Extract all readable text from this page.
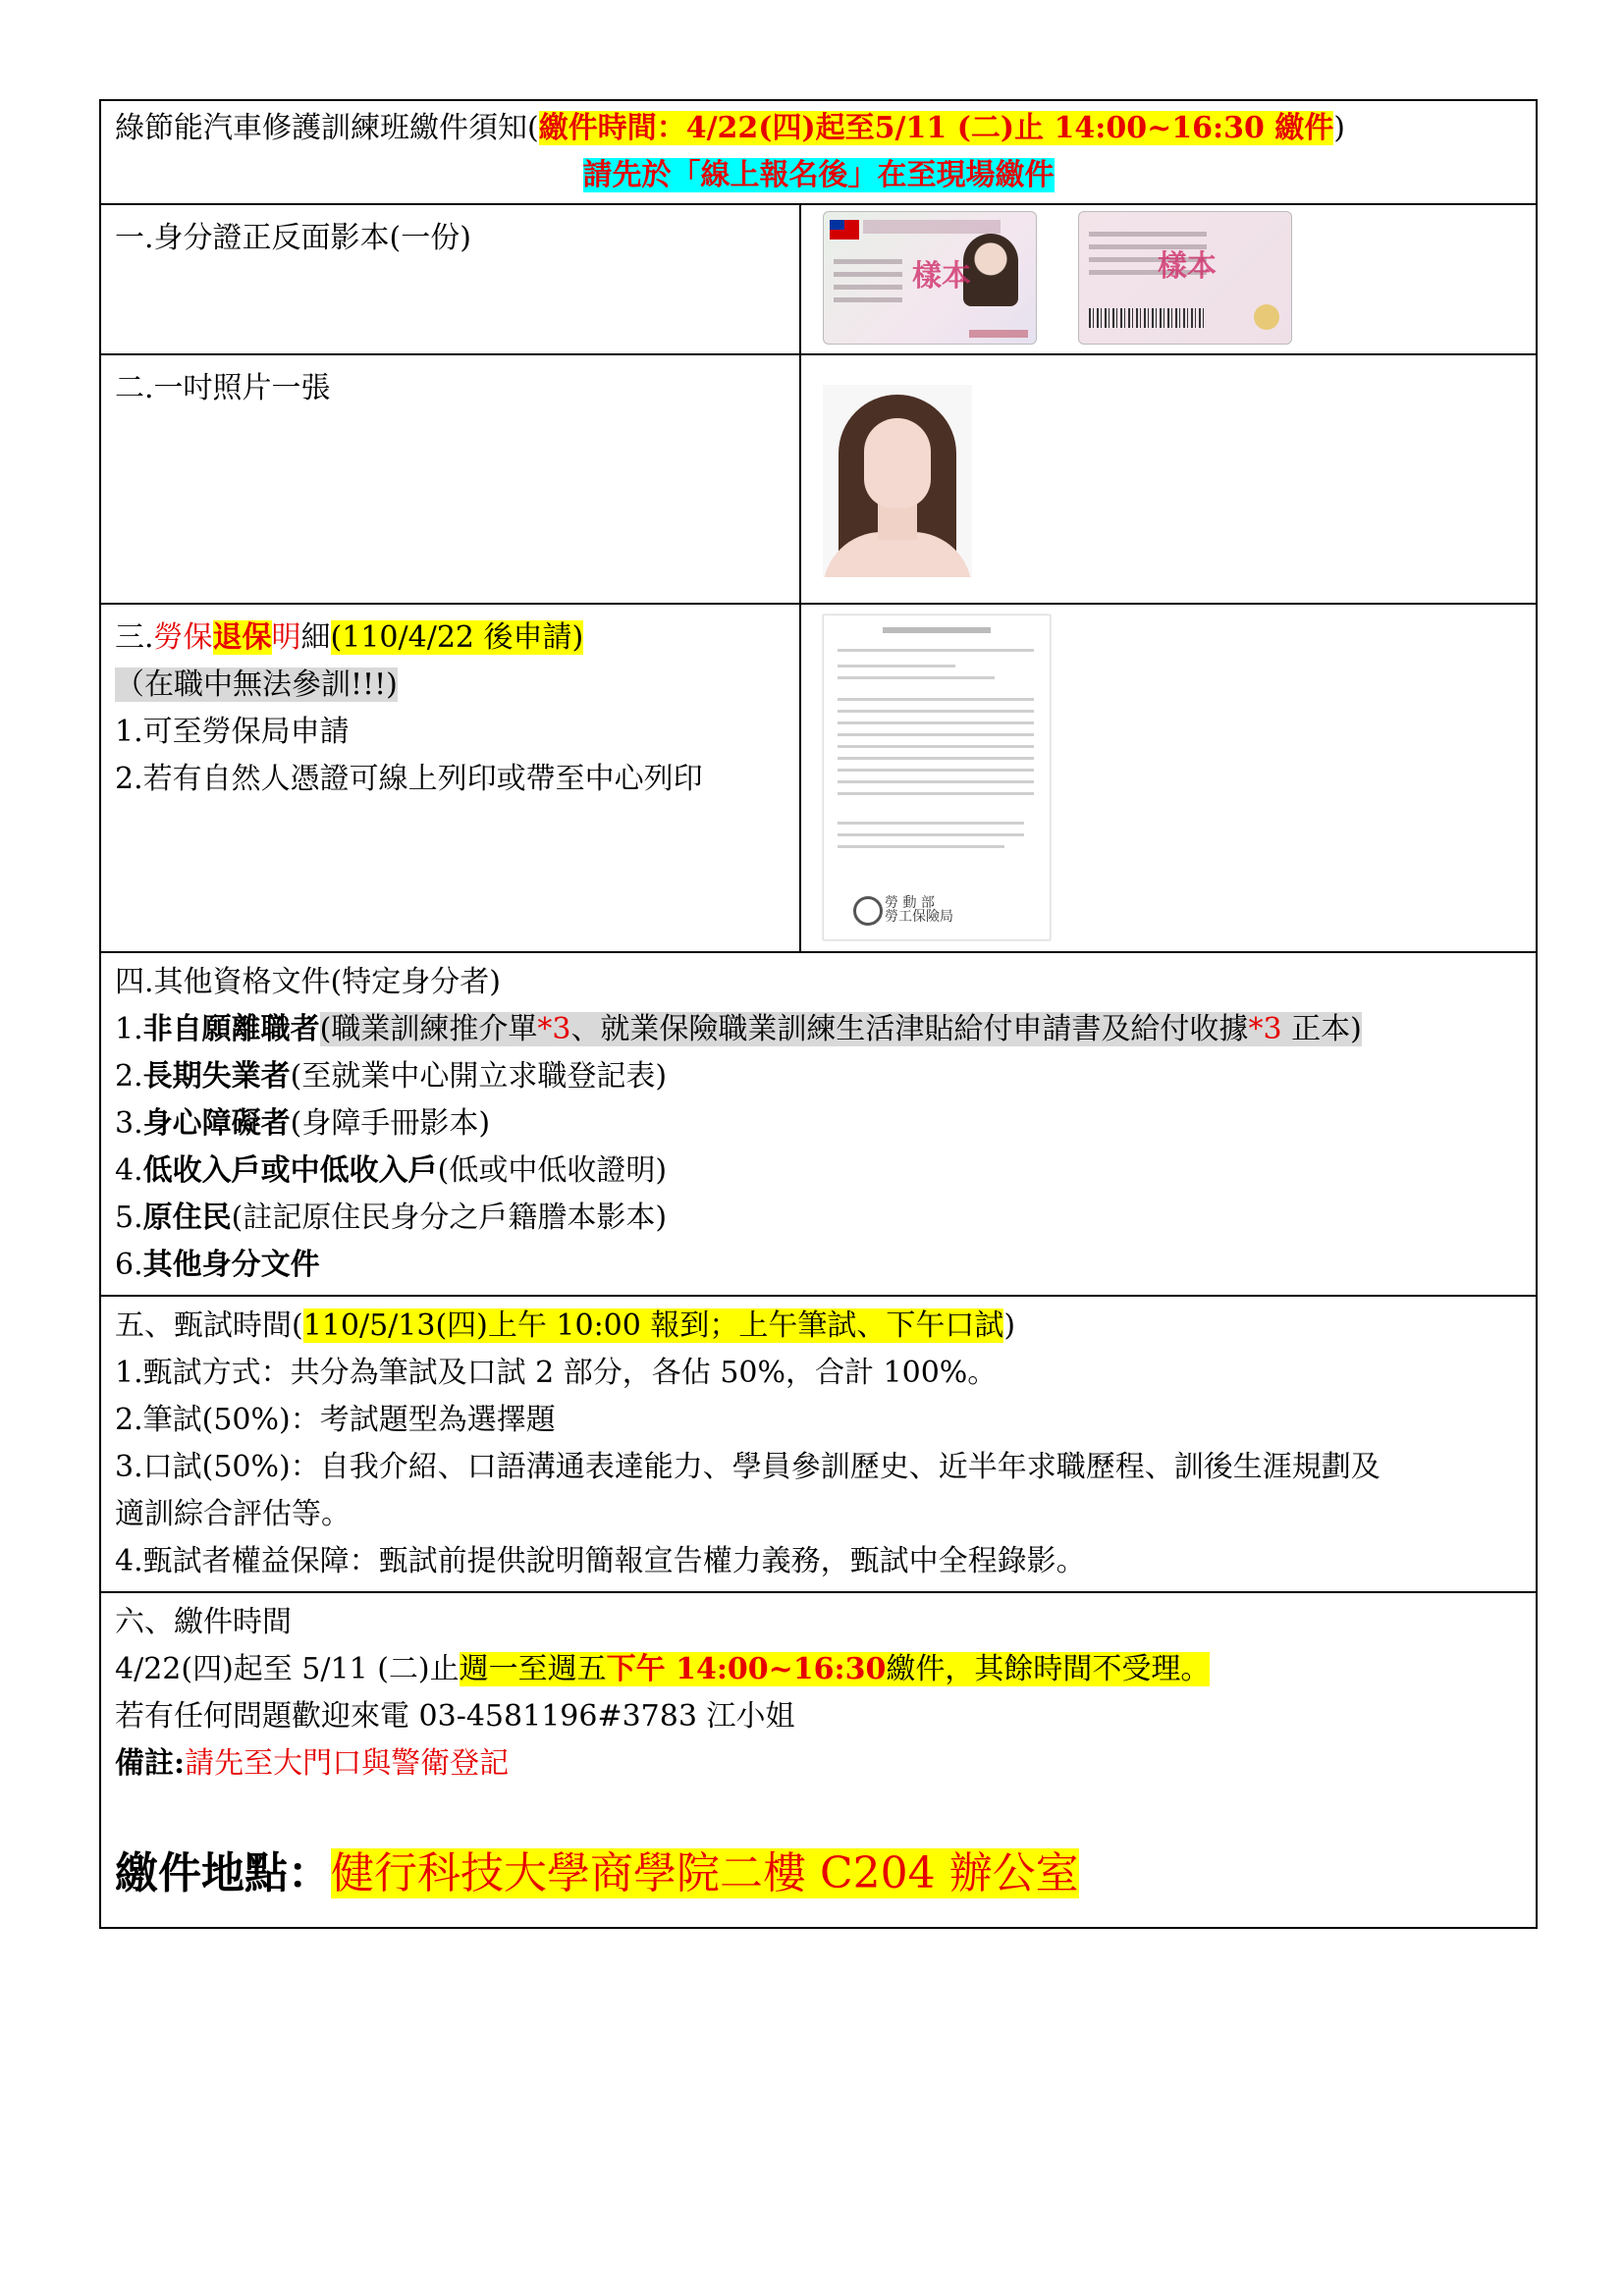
綠節能汽車修護訓練班繳件須知(繳件時間：4/22(四)起至5/11 (二)止 14:00~16:30 繳件)
請先於「線上報名後」在至現場繳件
一.身分證正反面影本(一份)
樣本	樣本
二.一吋照片一張
三.勞保退保明細(110/4/22 後申請)
（在職中無法參訓!!!)
1.可至勞保局申請
2.若有自然人憑證可線上列印或帶至中心列印
勞 動 部
勞工保險局
四.其他資格文件(特定身分者)
1.非自願離職者(職業訓練推介單*3、就業保險職業訓練生活津貼給付申請書及給付收據*3 正本)
2.長期失業者(至就業中心開立求職登記表)
3.身心障礙者(身障手冊影本)
4.低收入戶或中低收入戶(低或中低收證明)
5.原住民(註記原住民身分之戶籍謄本影本)
6.其他身分文件
五、甄試時間(110/5/13(四)上午 10:00 報到；上午筆試、下午口試)
1.甄試方式：共分為筆試及口試 2 部分，各佔 50%，合計 100%。
2.筆試(50%)：考試題型為選擇題
3.口試(50%)：自我介紹、口語溝通表達能力、學員參訓歷史、近半年求職歷程、訓後生涯規劃及
適訓綜合評估等。
4.甄試者權益保障：甄試前提供說明簡報宣告權力義務，甄試中全程錄影。
六、繳件時間
4/22(四)起至 5/11 (二)止週一至週五下午 14:00~16:30繳件，其餘時間不受理。
若有任何問題歡迎來電 03-4581196#3783 江小姐
備註:請先至大門口與警衛登記

繳件地點：健行科技大學商學院二樓 C204 辦公室
